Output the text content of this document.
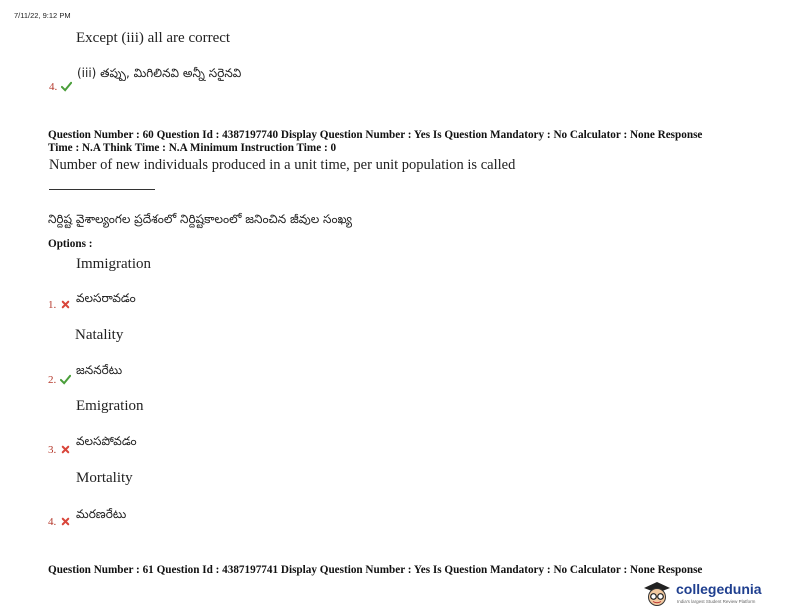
7/11/22, 9:12 PM
Except (iii) all are correct
4.
(iii) తప్పు, మిగిలినవి అన్నీ సరైనవి
Question Number : 60 Question Id : 4387197740 Display Question Number : Yes Is Question Mandatory : No Calculator : None Response
Time : N.A Think Time : N.A Minimum Instruction Time : 0
Number of new individuals produced in a unit time, per unit population is called
నిర్దిష్ట వైశాల్యంగల ప్రదేశంలో నిర్దిష్టకాలంలో జనించిన జీవుల సంఖ్య
Options :
Immigration
1.	వలసరావడం
Natality
2.
జననరేటు
Emigration
3.
వలసపోవడం
Mortality
4.
మరణరేటు
Question Number : 61 Question Id : 4387197741 Display Question Number : Yes Is Question Mandatory : No Calculator : None Response
collegedunia
India's largest Student Review Platform
